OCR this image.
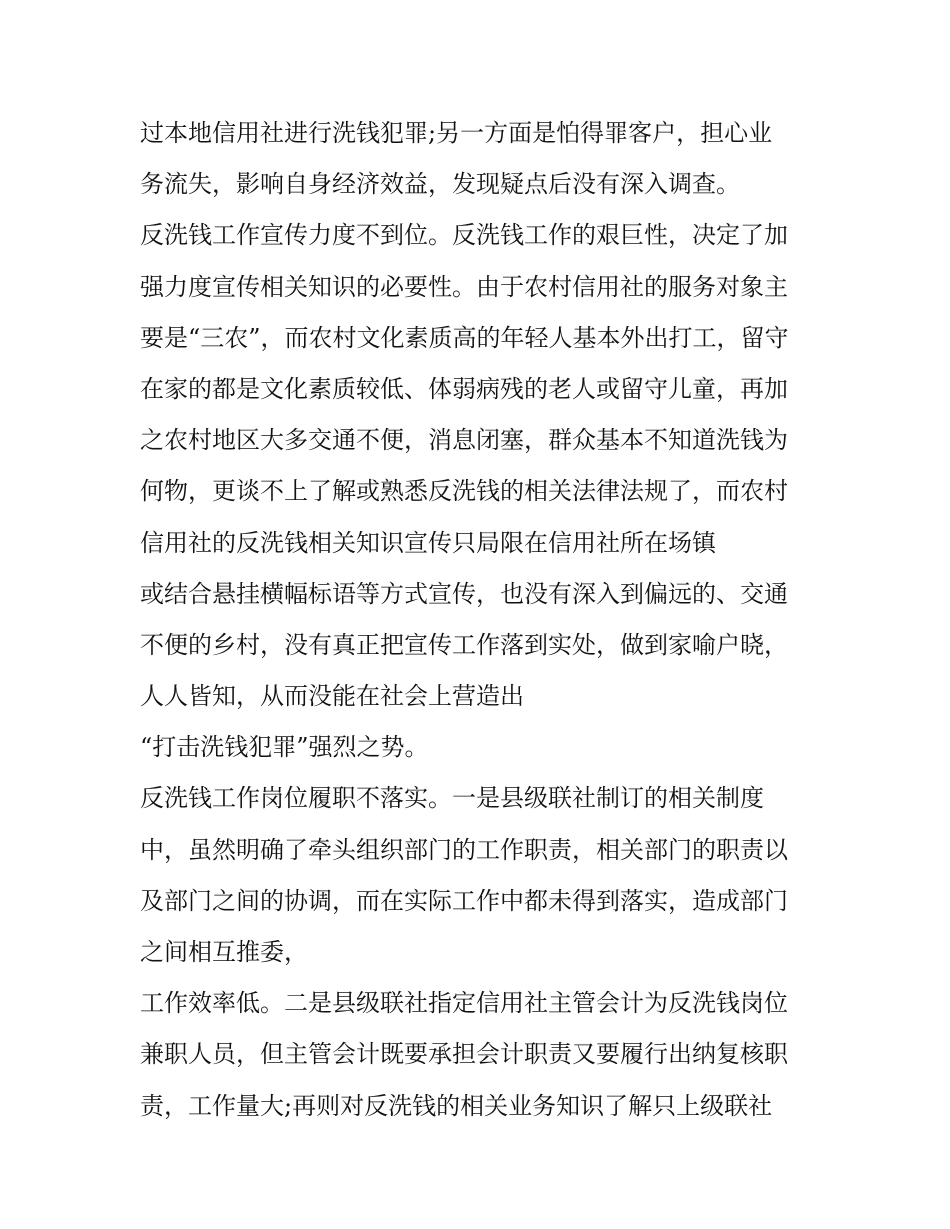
过本地信用社进行洗钱犯罪;另一方面是怕得罪客户，担心业
务流失，影响自身经济效益，发现疑点后没有深入调查。
反洗钱工作宣传力度不到位。反洗钱工作的艰巨性，决定了加
强力度宣传相关知识的必要性。由于农村信用社的服务对象主
要是“三农”，而农村文化素质高的年轻人基本外出打工，留守
在家的都是文化素质较低、体弱病残的老人或留守儿童，再加
之农村地区大多交通不便，消息闭塞，群众基本不知道洗钱为
何物，更谈不上了解或熟悉反洗钱的相关法律法规了，而农村
信用社的反洗钱相关知识宣传只局限在信用社所在场镇
或结合悬挂横幅标语等方式宣传，也没有深入到偏远的、交通
不便的乡村，没有真正把宣传工作落到实处，做到家喻户晓，
人人皆知，从而没能在社会上营造出
“打击洗钱犯罪”强烈之势。
反洗钱工作岗位履职不落实。一是县级联社制订的相关制度
中，虽然明确了牵头组织部门的工作职责，相关部门的职责以
及部门之间的协调，而在实际工作中都未得到落实，造成部门
之间相互推委，
工作效率低。二是县级联社指定信用社主管会计为反洗钱岗位
兼职人员，但主管会计既要承担会计职责又要履行出纳复核职
责，工作量大;再则对反洗钱的相关业务知识了解只上级联社
